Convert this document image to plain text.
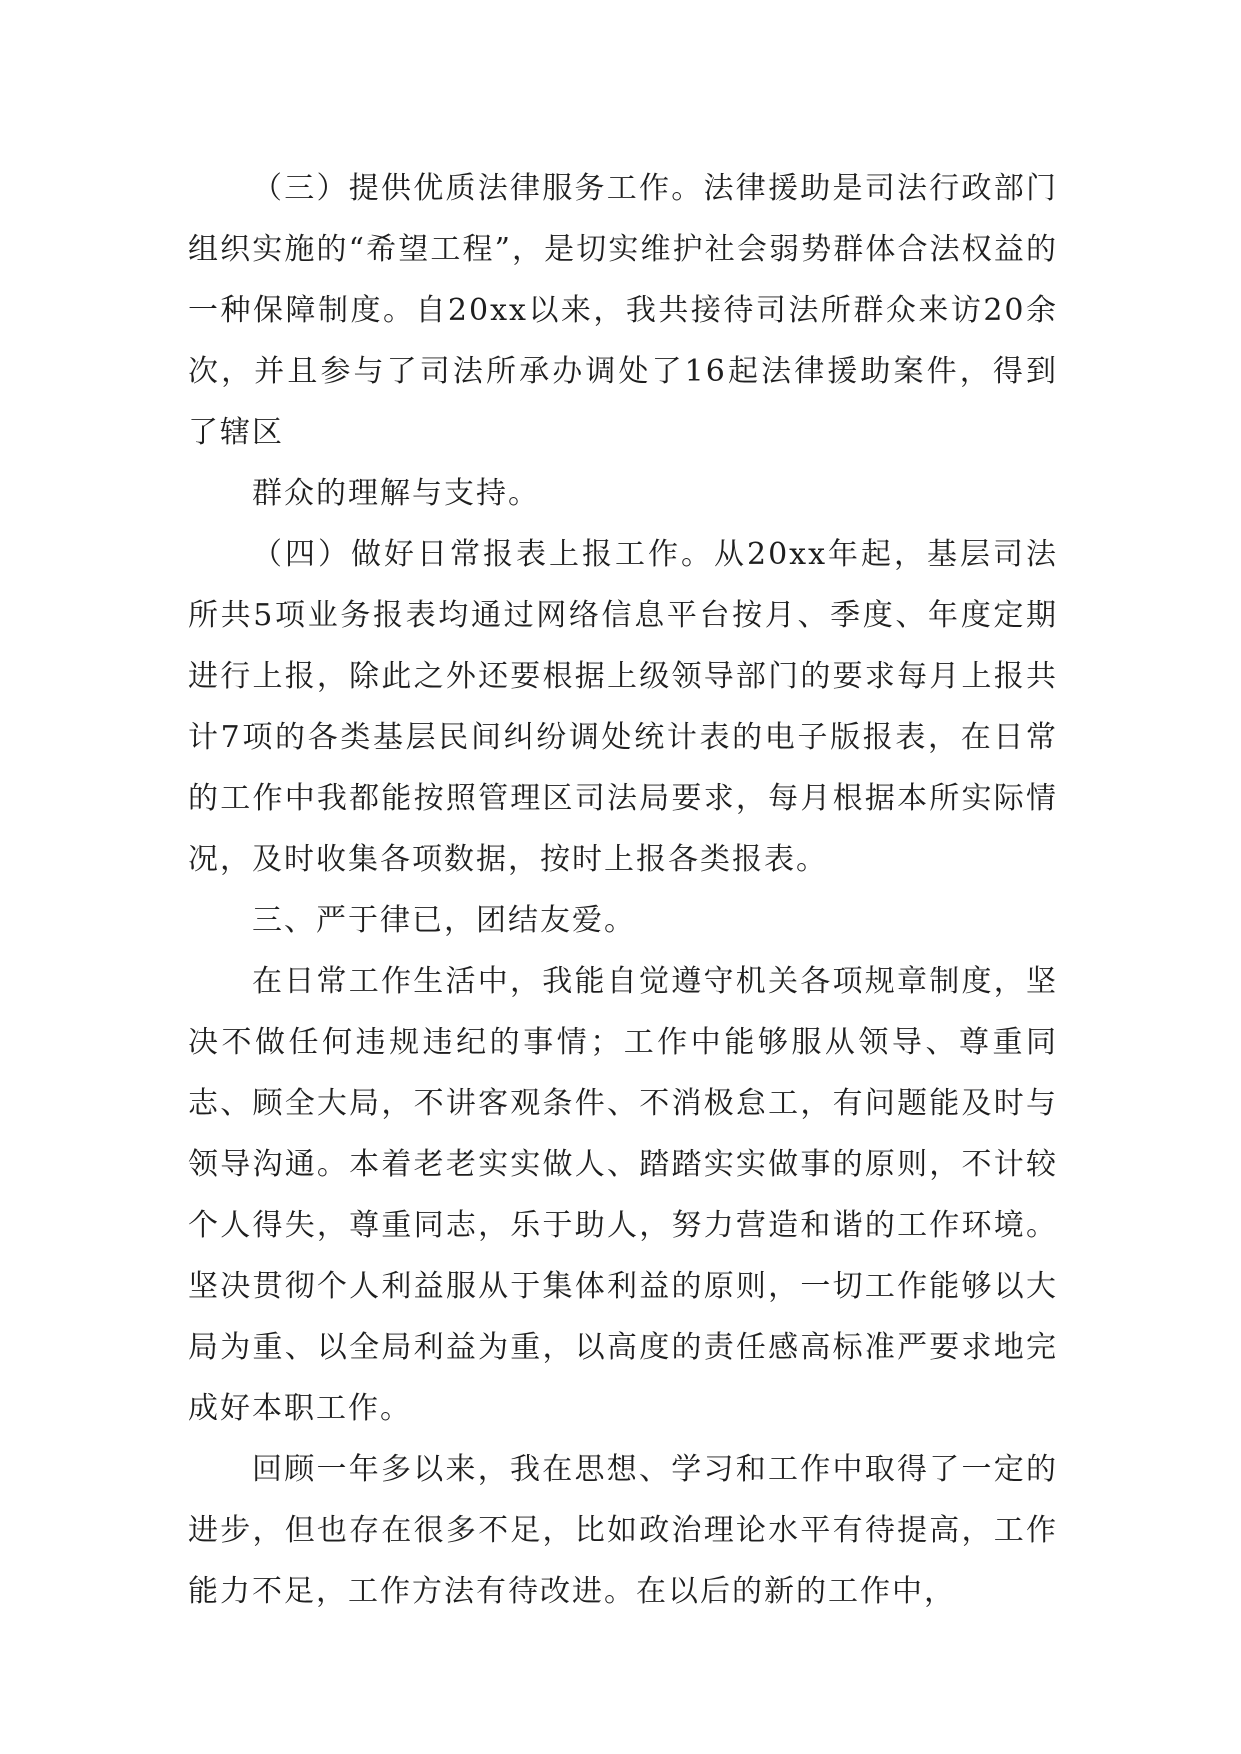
（三）提供优质法律服务工作。法律援助是司法行政部门组织实施的“希望工程”，是切实维护社会弱势群体合法权益的一种保障制度。自20xx以来，我共接待司法所群众来访20余次，并且参与了司法所承办调处了16起法律援助案件，得到了辖区

群众的理解与支持。

（四）做好日常报表上报工作。从20xx年起，基层司法所共5项业务报表均通过网络信息平台按月、季度、年度定期进行上报，除此之外还要根据上级领导部门的要求每月上报共计7项的各类基层民间纠纷调处统计表的电子版报表，在日常的工作中我都能按照管理区司法局要求，每月根据本所实际情况，及时收集各项数据，按时上报各类报表。

三、严于律已，团结友爱。

在日常工作生活中，我能自觉遵守机关各项规章制度，坚决不做任何违规违纪的事情；工作中能够服从领导、尊重同志、顾全大局，不讲客观条件、不消极怠工，有问题能及时与领导沟通。本着老老实实做人、踏踏实实做事的原则，不计较个人得失，尊重同志，乐于助人，努力营造和谐的工作环境。坚决贯彻个人利益服从于集体利益的原则，一切工作能够以大局为重、以全局利益为重，以高度的责任感高标准严要求地完成好本职工作。

回顾一年多以来，我在思想、学习和工作中取得了一定的进步，但也存在很多不足，比如政治理论水平有待提高，工作能力不足，工作方法有待改进。在以后的新的工作中，
